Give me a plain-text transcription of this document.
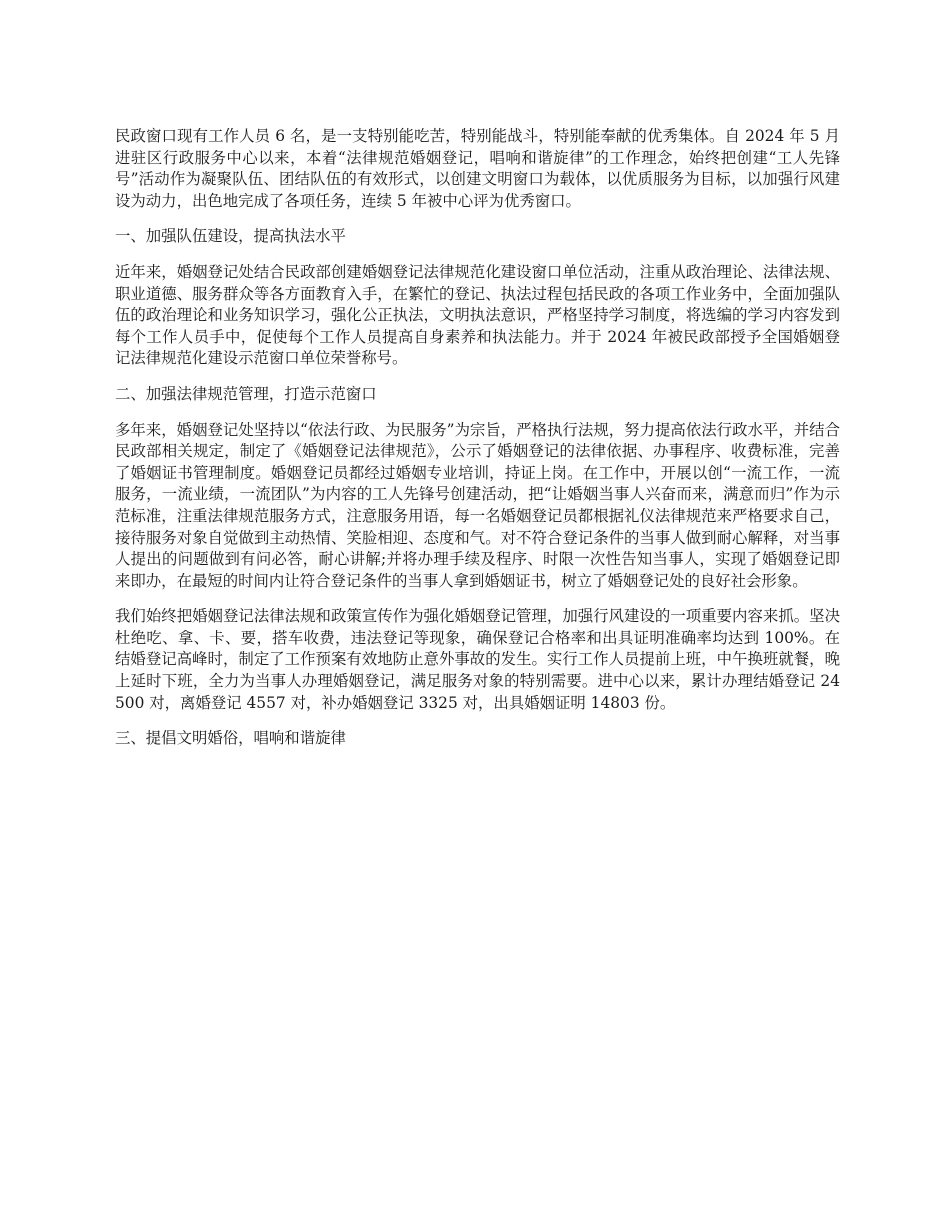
民政窗口现有工作人员 6 名，是一支特别能吃苦，特别能战斗，特别能奉献的优秀集体。自 2024 年 5 月进驻区行政服务中心以来，本着“法律规范婚姻登记，唱响和谐旋律”的工作理念，始终把创建“工人先锋号”活动作为凝聚队伍、团结队伍的有效形式，以创建文明窗口为载体，以优质服务为目标，以加强行风建设为动力，出色地完成了各项任务，连续 5 年被中心评为优秀窗口。

一、加强队伍建设，提高执法水平

近年来，婚姻登记处结合民政部创建婚姻登记法律规范化建设窗口单位活动，注重从政治理论、法律法规、职业道德、服务群众等各方面教育入手，在繁忙的登记、执法过程包括民政的各项工作业务中，全面加强队伍的政治理论和业务知识学习，强化公正执法，文明执法意识，严格坚持学习制度，将选编的学习内容发到每个工作人员手中，促使每个工作人员提高自身素养和执法能力。并于 2024 年被民政部授予全国婚姻登记法律规范化建设示范窗口单位荣誉称号。

二、加强法律规范管理，打造示范窗口

多年来，婚姻登记处坚持以“依法行政、为民服务”为宗旨，严格执行法规，努力提高依法行政水平，并结合民政部相关规定，制定了《婚姻登记法律规范》，公示了婚姻登记的法律依据、办事程序、收费标准，完善了婚姻证书管理制度。婚姻登记员都经过婚姻专业培训，持证上岗。在工作中，开展以创“一流工作，一流服务，一流业绩，一流团队”为内容的工人先锋号创建活动，把“让婚姻当事人兴奋而来，满意而归”作为示范标准，注重法律规范服务方式，注意服务用语，每一名婚姻登记员都根据礼仪法律规范来严格要求自己，接待服务对象自觉做到主动热情、笑脸相迎、态度和气。对不符合登记条件的当事人做到耐心解释，对当事人提出的问题做到有问必答，耐心讲解;并将办理手续及程序、时限一次性告知当事人，实现了婚姻登记即来即办，在最短的时间内让符合登记条件的当事人拿到婚姻证书，树立了婚姻登记处的良好社会形象。

我们始终把婚姻登记法律法规和政策宣传作为强化婚姻登记管理，加强行风建设的一项重要内容来抓。坚决杜绝吃、拿、卡、要，搭车收费，违法登记等现象，确保登记合格率和出具证明准确率均达到 100%。在结婚登记高峰时，制定了工作预案有效地防止意外事故的发生。实行工作人员提前上班，中午换班就餐，晚上延时下班，全力为当事人办理婚姻登记，满足服务对象的特别需要。进中心以来，累计办理结婚登记 24500 对，离婚登记 4557 对，补办婚姻登记 3325 对，出具婚姻证明 14803 份。

三、提倡文明婚俗，唱响和谐旋律
